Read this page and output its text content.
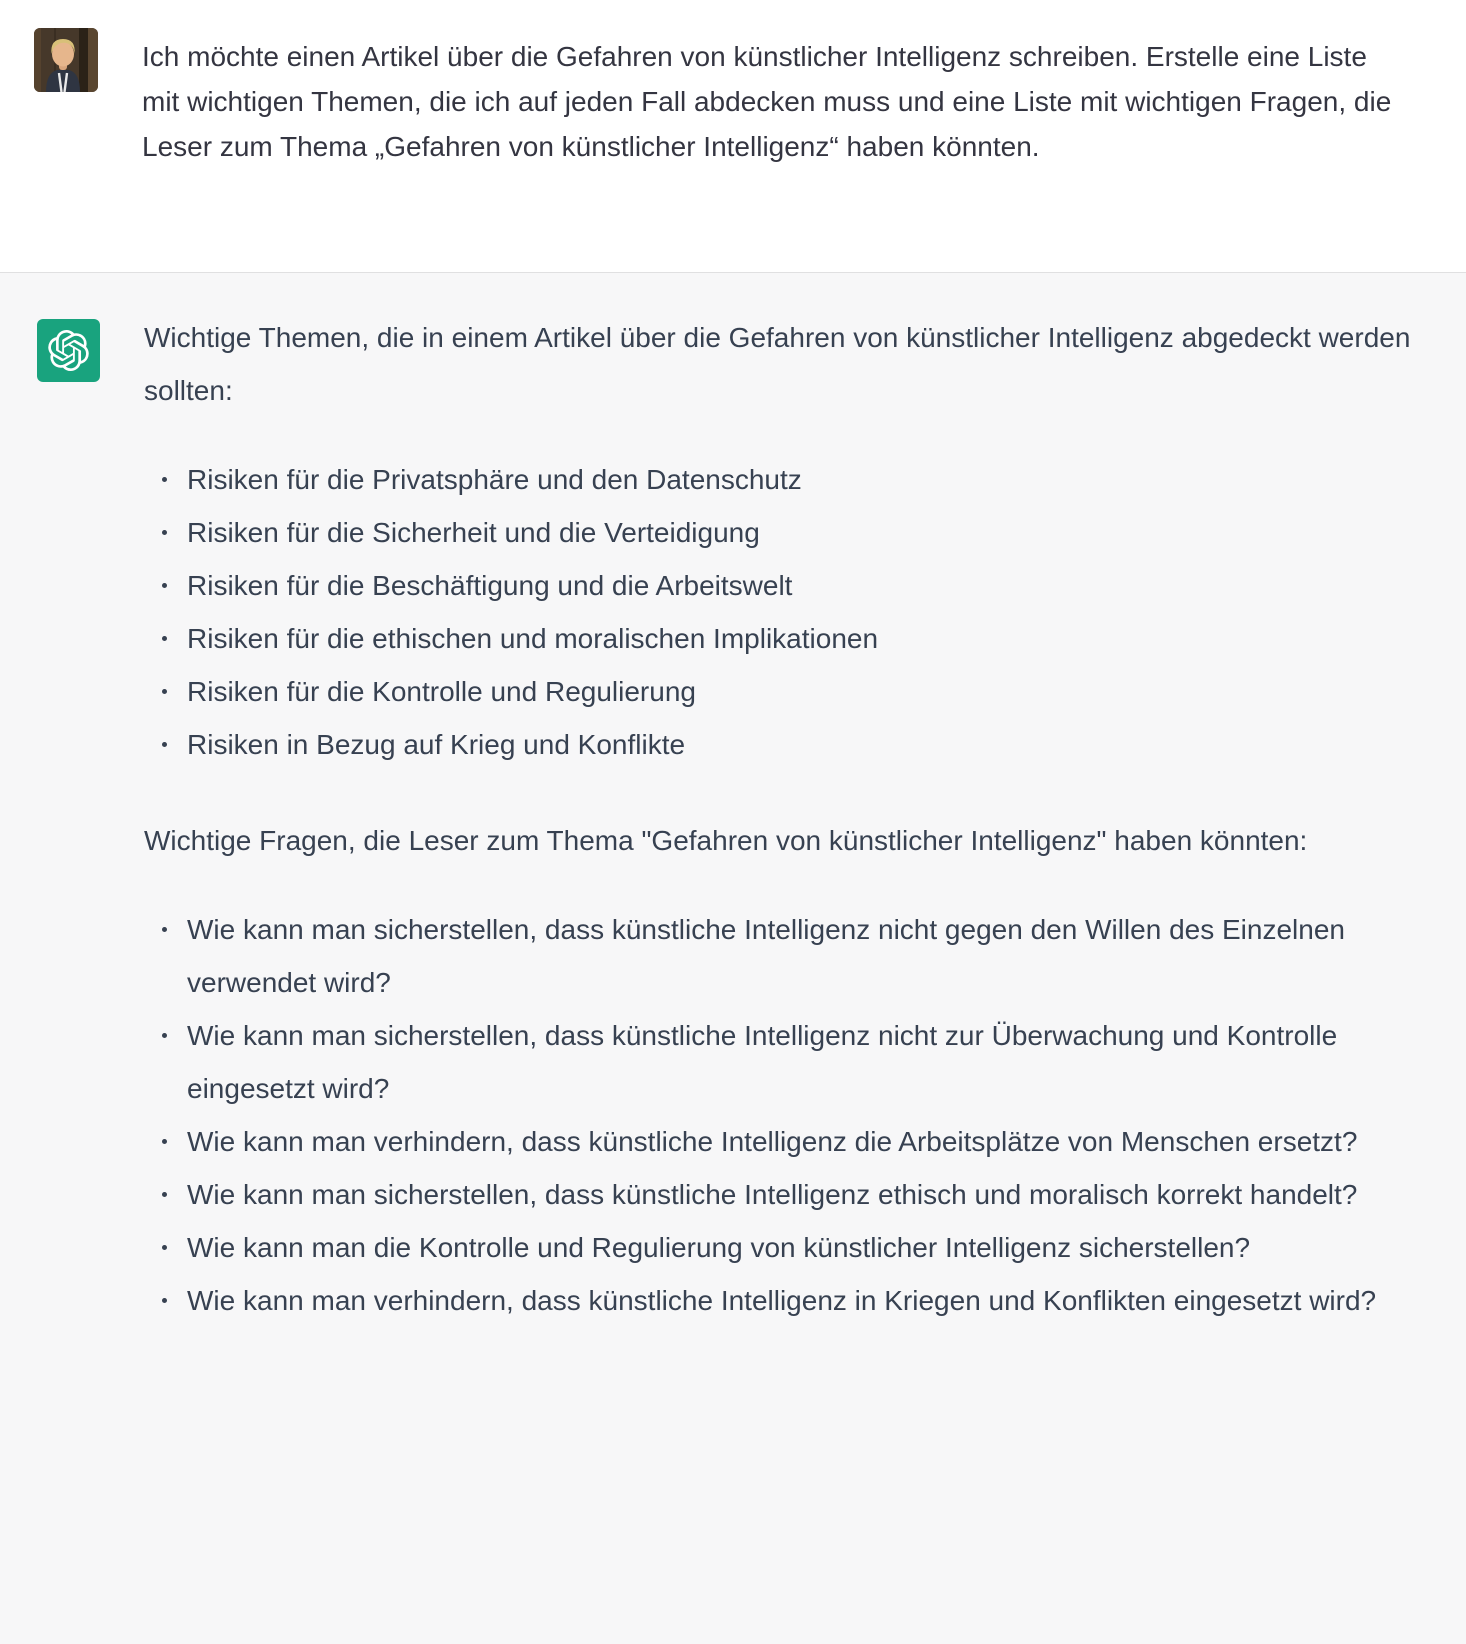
Ich möchte einen Artikel über die Gefahren von künstlicher Intelligenz schreiben. Erstelle eine Liste mit wichtigen Themen, die ich auf jeden Fall abdecken muss und eine Liste mit wichtigen Fragen, die Leser zum Thema „Gefahren von künstlicher Intelligenz“ haben könnten.

Wichtige Themen, die in einem Artikel über die Gefahren von künstlicher Intelligenz abgedeckt werden sollten:

Risiken für die Privatsphäre und den Datenschutz
Risiken für die Sicherheit und die Verteidigung
Risiken für die Beschäftigung und die Arbeitswelt
Risiken für die ethischen und moralischen Implikationen
Risiken für die Kontrolle und Regulierung
Risiken in Bezug auf Krieg und Konflikte

Wichtige Fragen, die Leser zum Thema "Gefahren von künstlicher Intelligenz" haben könnten:

Wie kann man sicherstellen, dass künstliche Intelligenz nicht gegen den Willen des Einzelnen verwendet wird?
Wie kann man sicherstellen, dass künstliche Intelligenz nicht zur Überwachung und Kontrolle eingesetzt wird?
Wie kann man verhindern, dass künstliche Intelligenz die Arbeitsplätze von Menschen ersetzt?
Wie kann man sicherstellen, dass künstliche Intelligenz ethisch und moralisch korrekt handelt?
Wie kann man die Kontrolle und Regulierung von künstlicher Intelligenz sicherstellen?
Wie kann man verhindern, dass künstliche Intelligenz in Kriegen und Konflikten eingesetzt wird?
